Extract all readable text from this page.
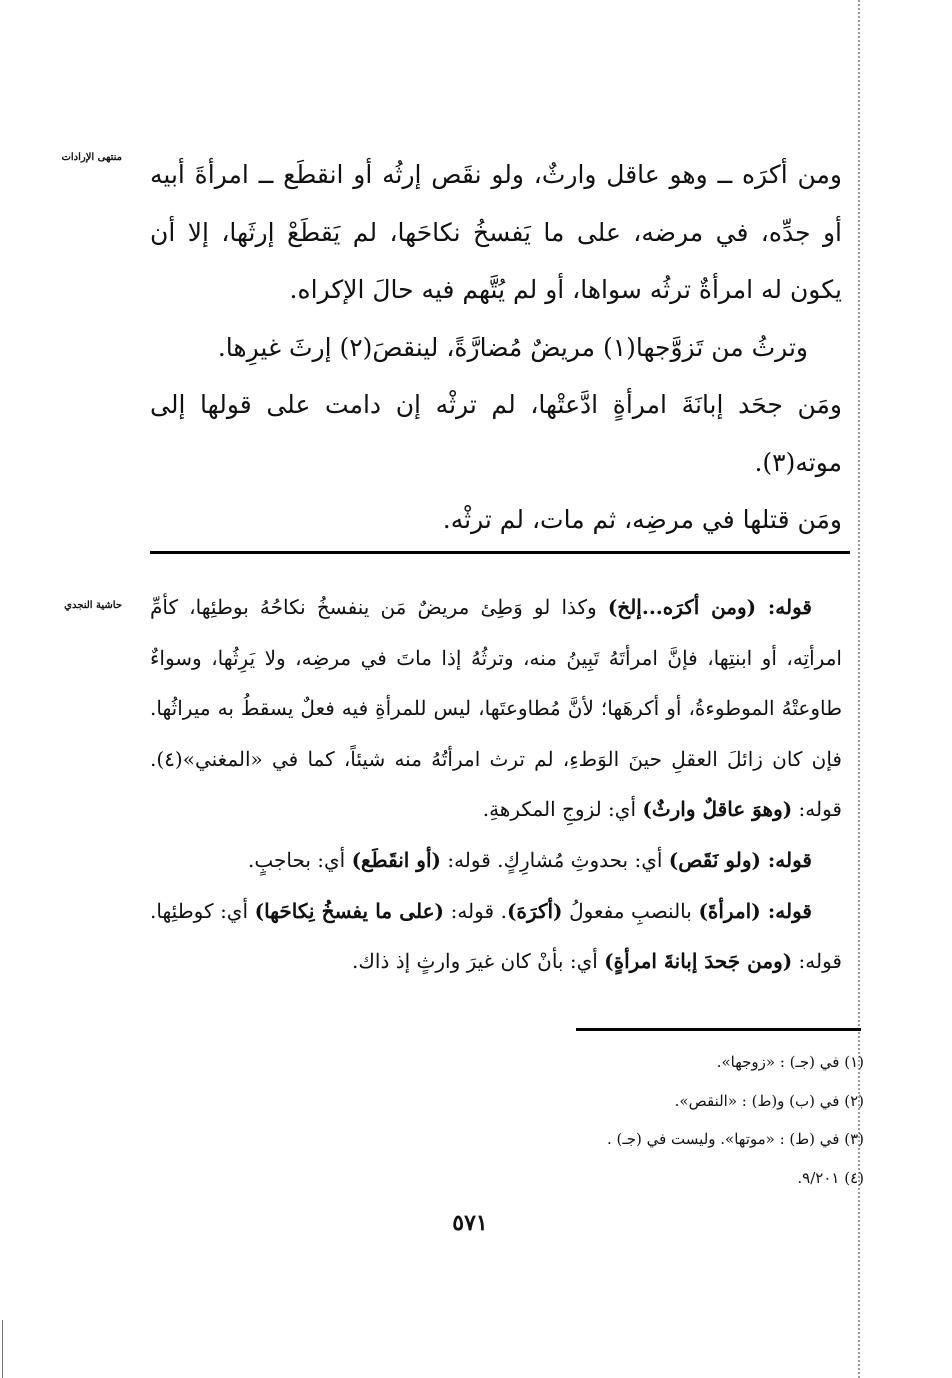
منتهى الإرادات

ومن أكرَه ــ وهو عاقل وارثٌ، ولو نقَص إرثُه أو انقطَع ــ امرأةَ أبيه أو جدِّه، في مرضه، على ما يَفسخُ نكاحَها، لم يَقطَعْ إرثَها، إلا أن يكون له امرأةٌ ترثُه سواها، أو لم يُتَّهم فيه حالَ الإكراه.

وترثُ من تَزوَّجها(١) مريضٌ مُضارَّةً، لينقصَ(٢) إرثَ غيرِها.

ومَن جحَد إبانَةَ امرأةٍ ادَّعتْها، لم ترثْه إن دامت على قولها إلى موته(٣).

ومَن قتلها في مرضِه، ثم مات، لم ترثْه.

حاشية النجدي	قوله: (ومن أكرَه...إلخ) وكذا لو وَطِئ مريضٌ مَن ينفسخُ نكاحُهُ بوطئِها، كأمِّ امرأتِه، أو ابنتِها، فإنَّ امرأتَهُ تَبِينُ منه، وترثُهُ إذا ماتَ في مرضِه، ولا يَرِثُها، وسواءٌ طاوعتْهُ الموطوءةُ، أو أكرهَها؛ لأنَّ مُطاوعتَها، ليس للمرأةِ فيه فعلٌ يسقطُ به ميراثُها. فإن كان زائلَ العقلِ حينَ الوَطءِ، لم ترث امرأتُهُ منه شيئاً، كما في «المغني»(٤). قوله: (وهوَ عاقلٌ وارثٌ) أي: لزوجِ المكرهةِ.

قوله: (ولو نَقَص) أي: بحدوثِ مُشارِكٍ. قوله: (أو انقَطَع) أي: بحاجبٍ.

قوله: (امرأةَ) بالنصبِ مفعولُ (أكرَهَ). قوله: (على ما يفسخُ نِكاحَها) أي: كوطئِها. قوله: (ومن جَحدَ إبانةَ امرأةٍ) أي: بأنْ كان غيرَ وارثٍ إذ ذاك.

(١) في (جـ) : «زوجها».
(٢) في (ب) و(ط) : «النقص».
(٣) في (ط) : «موتها». وليست في (جـ) .
(٤) ٩/٢٠١.
٥٧١
